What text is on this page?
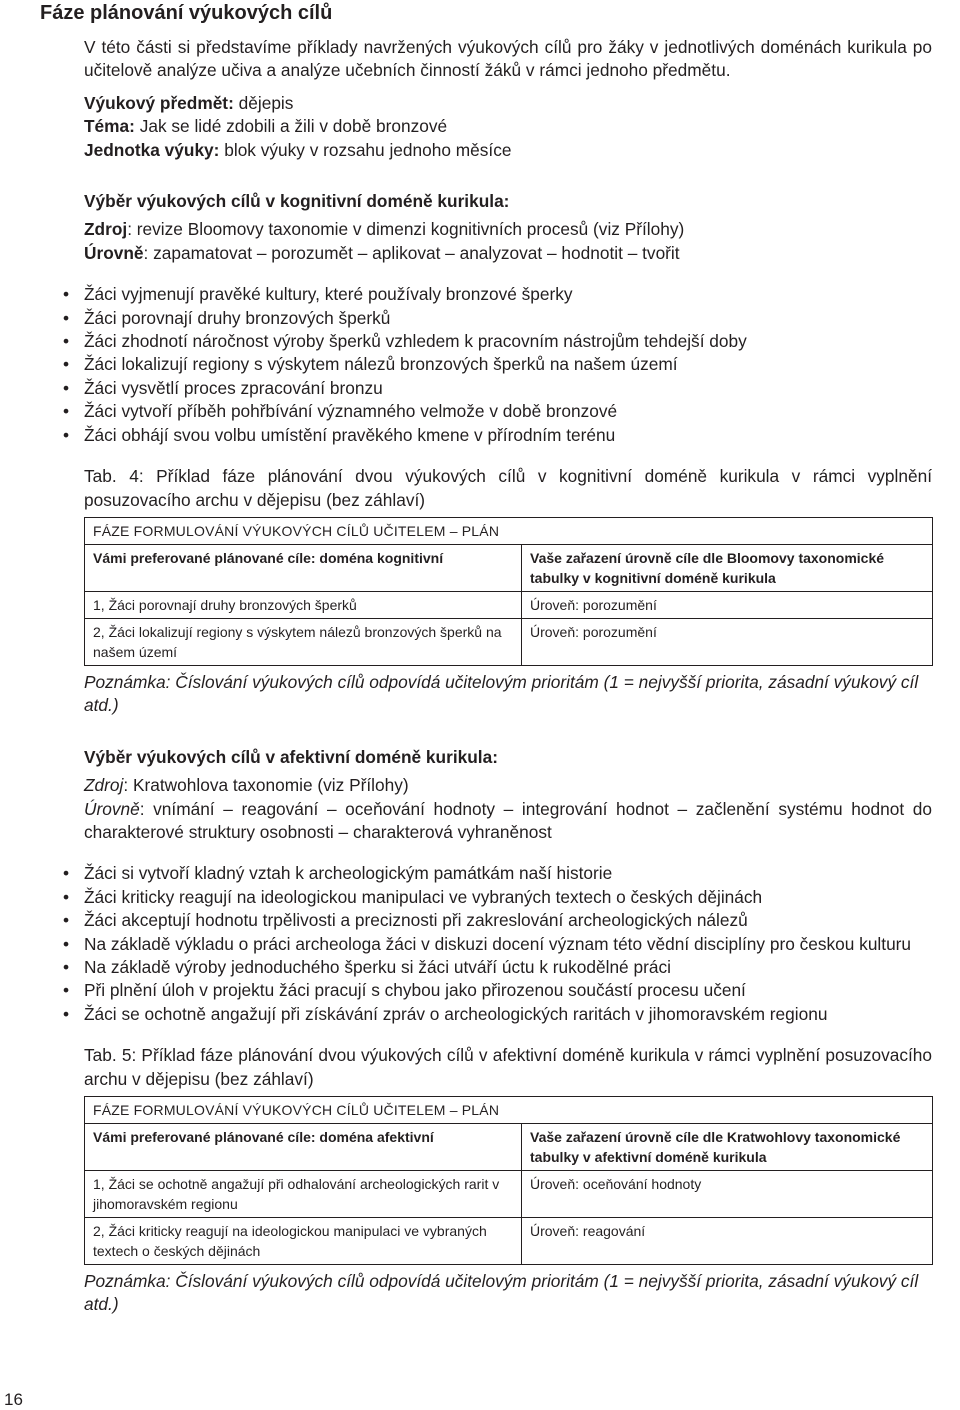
Fáze plánování výukových cílů

V této části si představíme příklady navržených výukových cílů pro žáky v jednotlivých doménách kurikula po učitelově analýze učiva a analýze učebních činností žáků v rámci jednoho předmětu.

Výukový předmět: dějepis

Téma: Jak se lidé zdobili a žili v době bronzové

Jednotka výuky: blok výuky v rozsahu jednoho měsíce

Výběr výukových cílů v kognitivní doméně kurikula:

Zdroj: revize Bloomovy taxonomie v dimenzi kognitivních procesů (viz Přílohy)

Úrovně: zapamatovat – porozumět – aplikovat – analyzovat – hodnotit – tvořit

• Žáci vyjmenují pravěké kultury, které používaly bronzové šperky
• Žáci porovnají druhy bronzových šperků
• Žáci zhodnotí náročnost výroby šperků vzhledem k pracovním nástrojům tehdejší doby
• Žáci lokalizují regiony s výskytem nálezů bronzových šperků na našem území
• Žáci vysvětlí proces zpracování bronzu
• Žáci vytvoří příběh pohřbívání významného velmože v době bronzové
• Žáci obhájí svou volbu umístění pravěkého kmene v přírodním terénu

Tab. 4: Příklad fáze plánování dvou výukových cílů v kognitivní doméně kurikula v rámci vyplnění posuzovacího archu v dějepisu (bez záhlaví)

FÁZE FORMULOVÁNÍ VÝUKOVÝCH CÍLŮ UČITELEM – PLÁN	
Vámi preferované plánované cíle: doména kognitivní	Vaše zařazení úrovně cíle dle Bloomovy taxonomické tabulky v kognitivní doméně kurikula
1, Žáci porovnají druhy bronzových šperků	Úroveň: porozumění
2, Žáci lokalizují regiony s výskytem nálezů bronzových šperků na našem území	Úroveň: porozumění

Poznámka: Číslování výukových cílů odpovídá učitelovým prioritám (1 = nejvyšší priorita, zásadní výukový cíl atd.)

Výběr výukových cílů v afektivní doméně kurikula:

Zdroj: Kratwohlova taxonomie (viz Přílohy)

Úrovně: vnímání – reagování – oceňování hodnoty – integrování hodnot – začlenění systému hodnot do charakterové struktury osobnosti – charakterová vyhraněnost

• Žáci si vytvoří kladný vztah k archeologickým památkám naší historie
• Žáci kriticky reagují na ideologickou manipulaci ve vybraných textech o českých dějinách
• Žáci akceptují hodnotu trpělivosti a preciznosti při zakreslování archeologických nálezů
• Na základě výkladu o práci archeologa žáci v diskuzi docení význam této vědní disciplíny pro českou kulturu
• Na základě výroby jednoduchého šperku si žáci utváří úctu k rukodělné práci
• Při plnění úloh v projektu žáci pracují s chybou jako přirozenou součástí procesu učení
• Žáci se ochotně angažují při získávání zpráv o archeologických raritách v jihomoravském regionu

Tab. 5: Příklad fáze plánování dvou výukových cílů v afektivní doméně kurikula v rámci vyplnění posuzovacího archu v dějepisu (bez záhlaví)

FÁZE FORMULOVÁNÍ VÝUKOVÝCH CÍLŮ UČITELEM – PLÁN	
Vámi preferované plánované cíle: doména afektivní	Vaše zařazení úrovně cíle dle Kratwohlovy taxonomické tabulky v afektivní doméně kurikula
1, Žáci se ochotně angažují při odhalování archeologických rarit v jihomoravském regionu	Úroveň: oceňování hodnoty
2, Žáci kriticky reagují na ideologickou manipulaci ve vybraných textech o českých dějinách	Úroveň: reagování

Poznámka: Číslování výukových cílů odpovídá učitelovým prioritám (1 = nejvyšší priorita, zásadní výukový cíl atd.)

16
